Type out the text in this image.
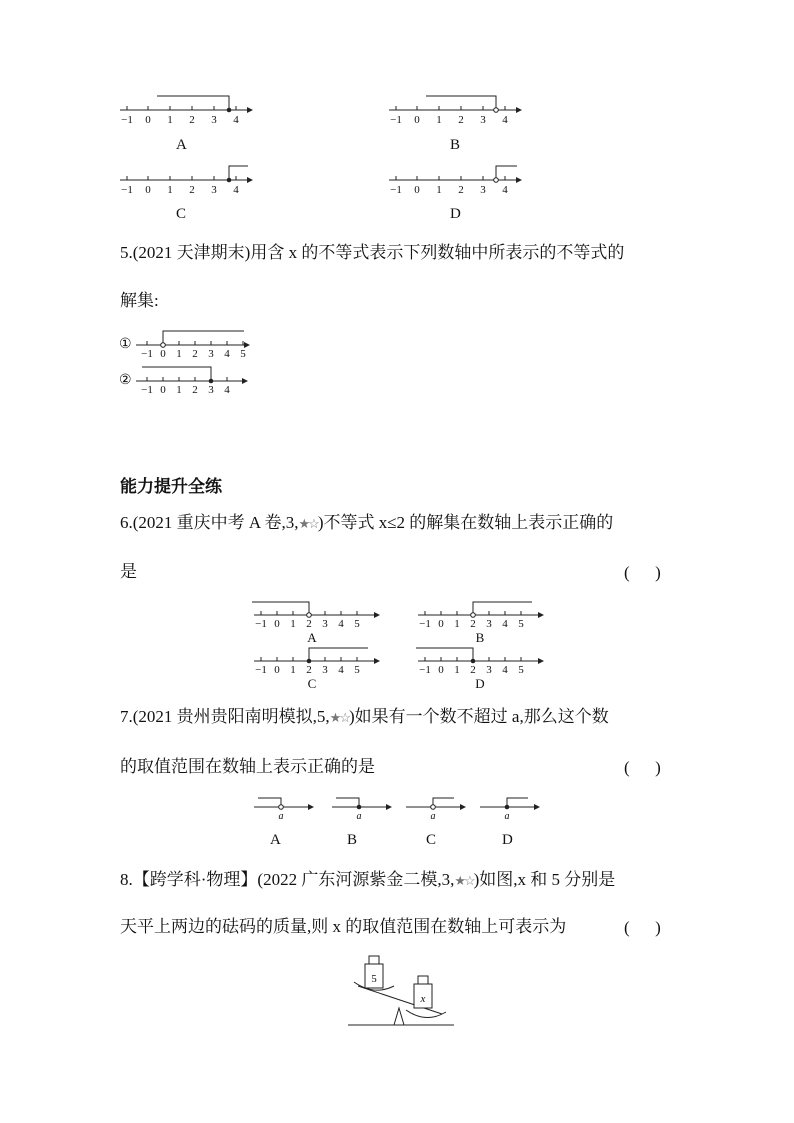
−1 0 1 2 3 4
A
−1 0 1 2 3 4
B
−1 0 1 2 3 4
C
−1 0 1 2 3 4
D
5.(2021 天津期末)用含 x 的不等式表示下列数轴中所表示的不等式的
解集:
①
−1 0 1 2 3 4 5
②
−1 0 1 2 3 4
能力提升全练
6.(2021 重庆中考 A 卷,3,★☆)不等式 x≤2 的解集在数轴上表示正确的
是	(      )
−1 0 1 2 3 4 5
A
−1 0 1 2 3 4 5
B
−1 0 1 2 3 4 5
C
−1 0 1 2 3 4 5
D
7.(2021 贵州贵阳南明模拟,5,★☆)如果有一个数不超过 a,那么这个数
的取值范围在数轴上表示正确的是	(      )
a
A
a
B
a
C
a
D
8.【跨学科·物理】(2022 广东河源紫金二模,3,★☆)如图,x 和 5 分别是
天平上两边的砝码的质量,则 x 的取值范围在数轴上可表示为	(      )
5
x
